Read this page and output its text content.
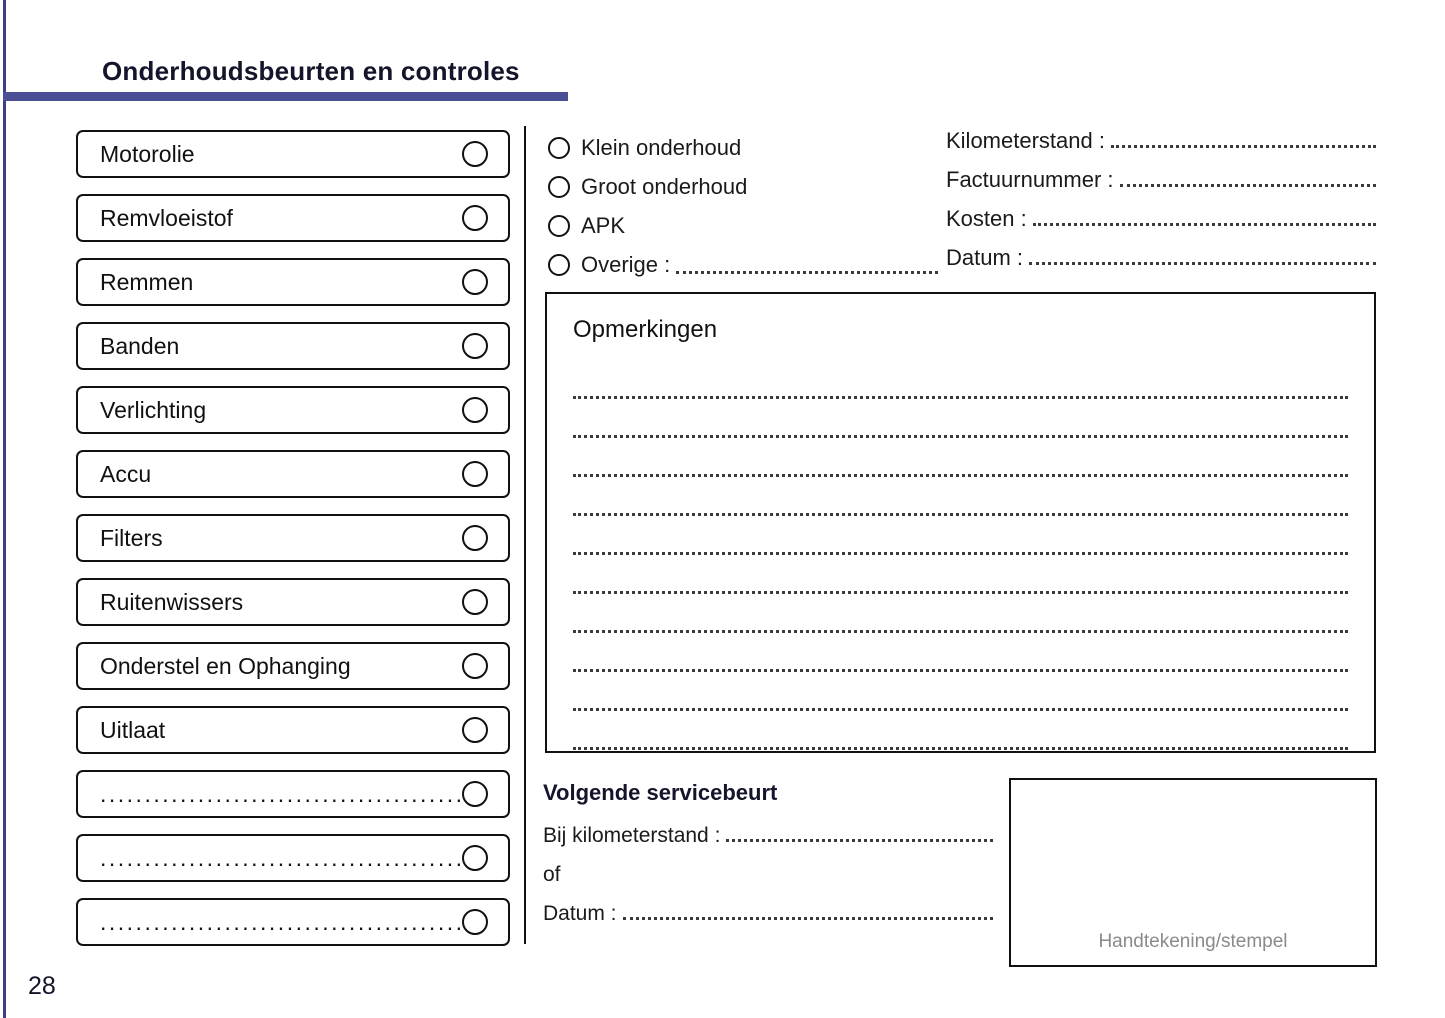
Onderhoudsbeurten en controles
28
Motorolie
Remvloeistof
Remmen
Banden
Verlichting
Accu
Filters
Ruitenwissers
Onderstel en Ophanging
Uitlaat
.........................................
.........................................
.........................................
Klein onderhoud
Groot onderhoud
APK
Overige :
Kilometerstand :
Factuurnummer :
Kosten :
Datum :
Opmerkingen
Volgende servicebeurt
Bij kilometerstand :
of
Datum :
Handtekening/stempel
